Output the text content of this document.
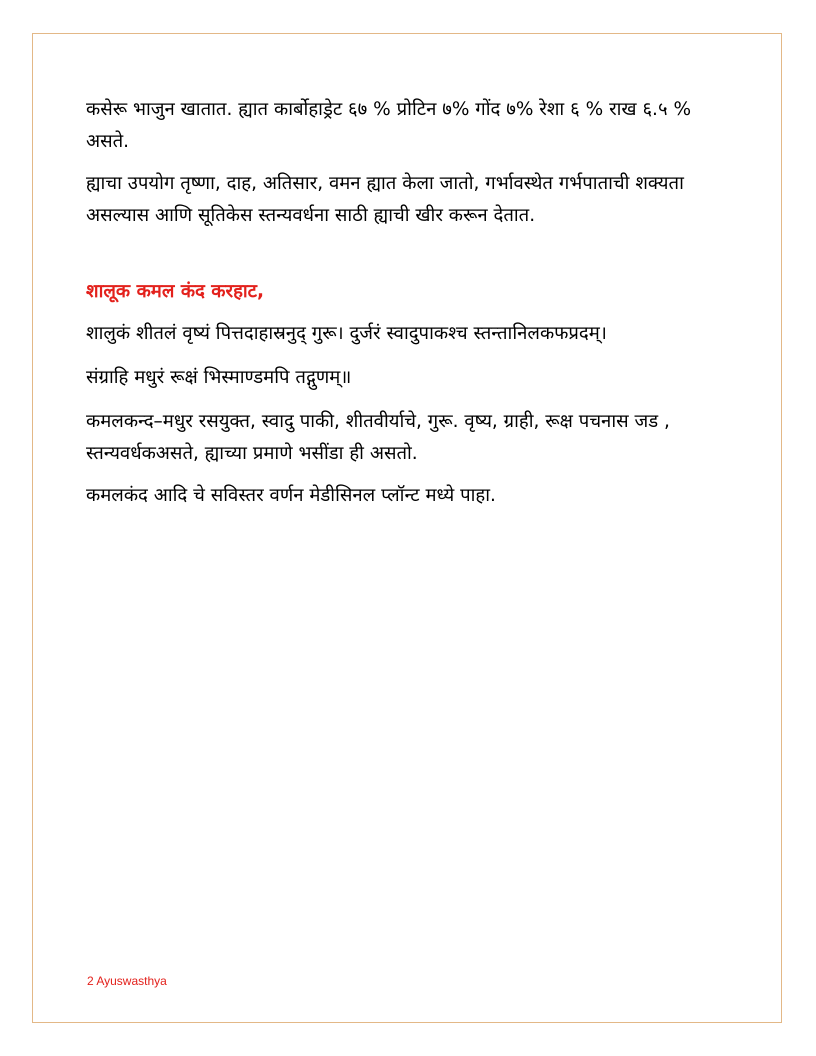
कसेरू भाजुन खातात. ह्यात कार्बोहाड्रेट ६७ % प्रोटिन ७% गोंद ७% रेशा ६ % राख ६.५ % असते.

ह्याचा उपयोग तृष्णा, दाह, अतिसार, वमन ह्यात केला जातो, गर्भावस्थेत गर्भपाताची शक्यता असल्यास आणि सूतिकेस स्तन्यवर्धना साठी ह्याची खीर करून देतात.

शालूक कमल कंद करहाट,

शालुकं शीतलं वृष्यं पित्तदाहास्रनुद् गुरू। दुर्जरं स्वादुपाकश्च स्तन्तानिलकफप्रदम्।

संग्राहि मधुरं रूक्षं भिस्माण्डमपि तद्गुणम्॥

कमलकन्द–मधुर रसयुक्त, स्वादु पाकी, शीतवीर्याचे, गुरू. वृष्य, ग्राही, रूक्ष पचनास जड , स्तन्यवर्धकअसते, ह्याच्या प्रमाणे भसींडा ही असतो.

कमलकंद आदि चे सविस्तर वर्णन मेडीसिनल प्लॉन्ट मध्ये पाहा.

2 Ayuswasthya
